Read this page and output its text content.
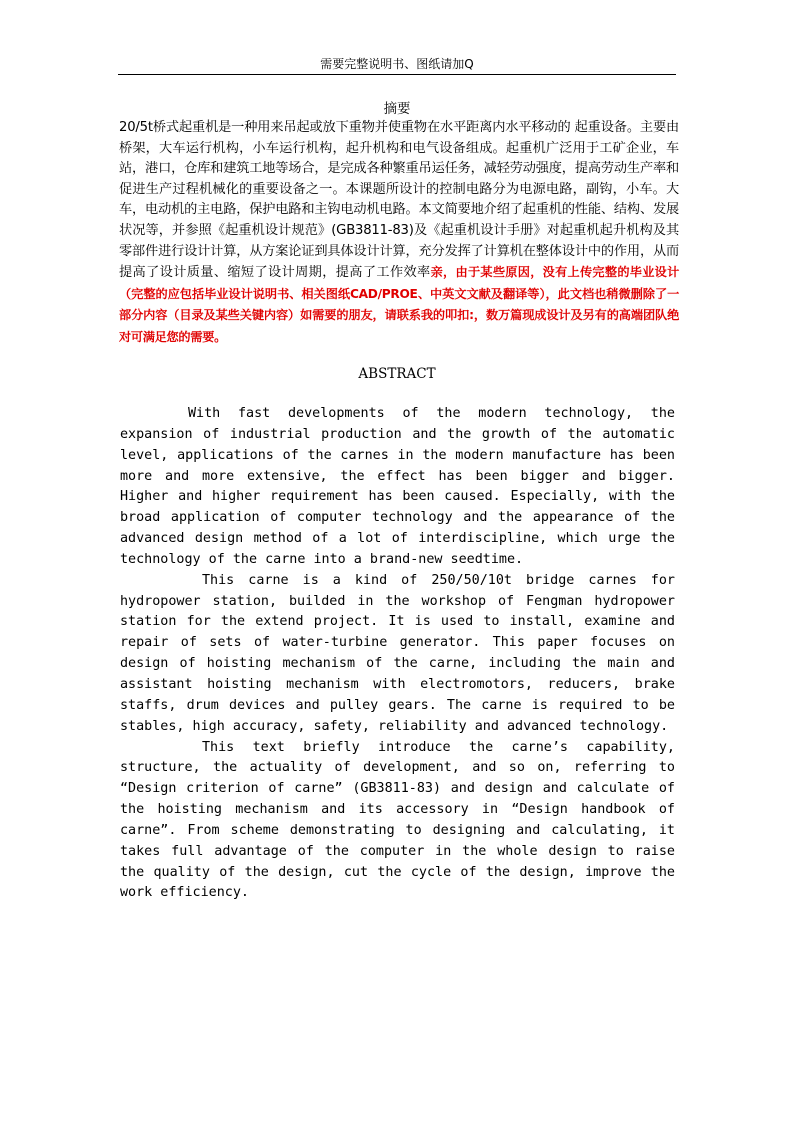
需要完整说明书、图纸请加Q
摘要
20/5t桥式起重机是一种用来吊起或放下重物并使重物在水平距离内水平移动的 起重设备。主要由桥架，大车运行机构，小车运行机构，起升机构和电气设备组成。起重机广泛用于工矿企业，车站，港口，仓库和建筑工地等场合，是完成各种繁重吊运任务，减轻劳动强度，提高劳动生产率和促进生产过程机械化的重要设备之一。本课题所设计的控制电路分为电源电路，副钩，小车。大车，电动机的主电路，保护电路和主钩电动机电路。本文简要地介绍了起重机的性能、结构、发展状况等，并参照《起重机设计规范》(GB3811-83)及《起重机设计手册》对起重机起升机构及其零部件进行设计计算，从方案论证到具体设计计算，充分发挥了计算机在整体设计中的作用，从而提高了设计质量、缩短了设计周期，提高了工作效率亲，由于某些原因，没有上传完整的毕业设计（完整的应包括毕业设计说明书、相关图纸CAD/PROE、中英文文献及翻译等），此文档也稍微删除了一部分内容（目录及某些关键内容）如需要的朋友，请联系我的叩扣:，数万篇现成设计及另有的高端团队绝对可满足您的需要。
ABSTRACT

With fast developments of the modern technology, the expansion of industrial production and the growth of the automatic level, applications of the carnes in the modern manufacture has been more and more extensive, the effect has been bigger and bigger. Higher and higher requirement has been caused. Especially, with the broad application of computer technology and the appearance of the advanced design method of a lot of interdiscipline, which urge the technology of the carne into a brand-new seedtime.

This carne is a kind of 250/50/10t bridge carnes for hydropower station, builded in the workshop of Fengman hydropower station for the extend project. It is used to install, examine and repair of sets of water-turbine generator. This paper focuses on design of hoisting mechanism of the carne, including the main and assistant hoisting mechanism with electromotors, reducers, brake staffs, drum devices and pulley gears. The carne is required to be stables, high accuracy, safety, reliability and advanced technology.

This text briefly introduce the carne’s capability, structure, the actuality of development, and so on, referring to “Design criterion of carne” (GB3811-83) and design and calculate of the hoisting mechanism and its accessory in “Design handbook of carne”. From scheme demonstrating to designing and calculating, it takes full advantage of the computer in the whole design to raise the quality of the design, cut the cycle of the design, improve the work efficiency.
